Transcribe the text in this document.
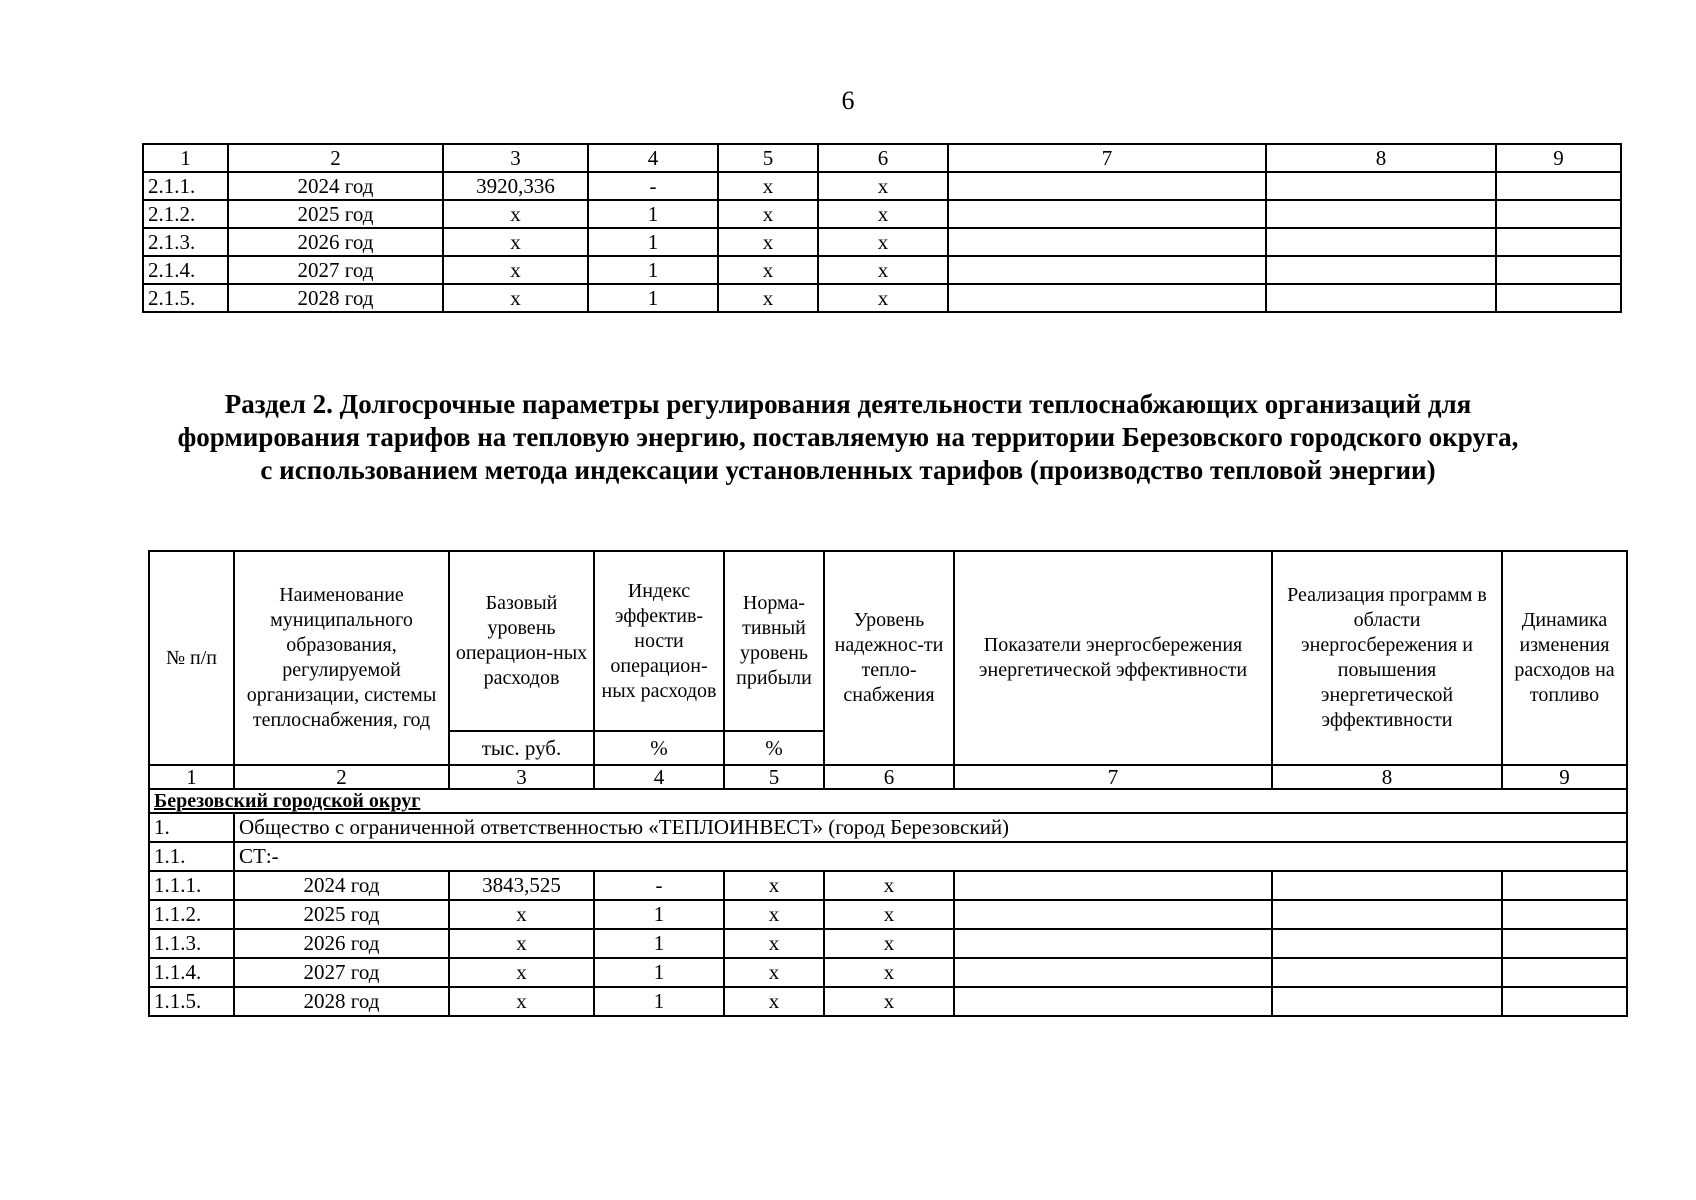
6
1	2	3	4	5	6	7	8	9
2.1.1.	2024 год	3920,336	-	x	x			
2.1.2.	2025 год	x	1	x	x			
2.1.3.	2026 год	x	1	x	x			
2.1.4.	2027 год	x	1	x	x			
2.1.5.	2028 год	x	1	x	x			
Раздел 2. Долгосрочные параметры регулирования деятельности теплоснабжающих организаций для
формирования тарифов на тепловую энергию, поставляемую на территории Березовского городского округа,
с использованием метода индексации установленных тарифов (производство тепловой энергии)
№ п/п	Наименование муниципального образования, регулируемой организации, системы теплоснабжения, год	Базовый уровень операцион-ных расходов	Индекс эффектив-ности операцион-ных расходов	Норма-тивный уровень прибыли	Уровень надежнос-ти тепло-снабжения	Показатели энергосбережения энергетической эффективности	Реализация программ в области энергосбережения и повышения энергетической эффективности	Динамика изменения расходов на топливо
		тыс. руб.	%	%				
1	2	3	4	5	6	7	8	9
Березовский городской округ								
1.	Общество с ограниченной ответственностью «ТЕПЛОИНВЕСТ» (город Березовский)							
1.1.	СТ:-							
1.1.1.	2024 год	3843,525	-	x	x			
1.1.2.	2025 год	x	1	x	x			
1.1.3.	2026 год	x	1	x	x			
1.1.4.	2027 год	x	1	x	x			
1.1.5.	2028 год	x	1	x	x			
